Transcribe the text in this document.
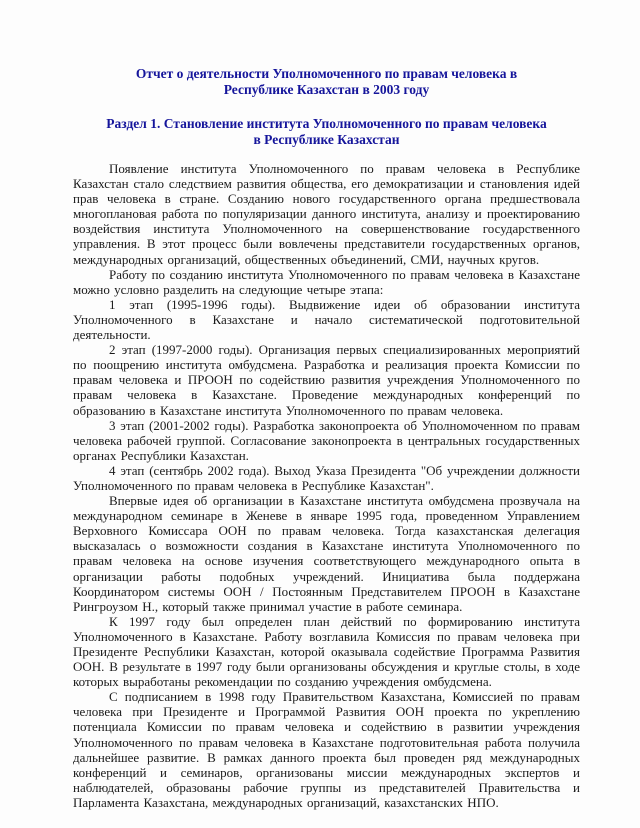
Отчет о деятельности Уполномоченного по правам человека в
Республике Казахстан в 2003 году
Раздел 1. Становление института Уполномоченного по правам человека
в Республике Казахстан

Появление института Уполномоченного по правам человека в Республике Казахстан стало следствием развития общества, его демократизации и становления идей прав человека в стране. Созданию нового государственного органа предшествовала многоплановая работа по популяризации данного института, анализу и проектированию воздействия института Уполномоченного на совершенствование государственного управления. В этот процесс были вовлечены представители государственных органов, международных организаций, общественных объединений, СМИ, научных кругов.

Работу по созданию института Уполномоченного по правам человека в Казахстане можно условно разделить на следующие четыре этапа:

1 этап (1995-1996 годы). Выдвижение идеи об образовании института Уполномоченного в Казахстане и начало систематической подготовительной деятельности.

2 этап (1997-2000 годы). Организация первых специализированных мероприятий по поощрению института омбудсмена. Разработка и реализация проекта Комиссии по правам человека и ПРООН по содействию развития учреждения Уполномоченного по правам человека в Казахстане. Проведение международных конференций по образованию в Казахстане института Уполномоченного по правам человека.

3 этап (2001-2002 годы). Разработка законопроекта об Уполномоченном по правам человека рабочей группой. Согласование законопроекта в центральных государственных органах Республики Казахстан.

4 этап (сентябрь 2002 года). Выход Указа Президента "Об учреждении должности Уполномоченного по правам человека в Республике Казахстан".

Впервые идея об организации в Казахстане института омбудсмена прозвучала на международном семинаре в Женеве в январе 1995 года, проведенном Управлением Верховного Комиссара ООН по правам человека. Тогда казахстанская делегация высказалась о возможности создания в Казахстане института Уполномоченного по правам человека на основе изучения соответствующего международного опыта в организации работы подобных учреждений. Инициатива была поддержана Координатором системы ООН / Постоянным Представителем ПРООН в Казахстане Рингроузом Н., который также принимал участие в работе семинара.

К 1997 году был определен план действий по формированию института Уполномоченного в Казахстане. Работу возглавила Комиссия по правам человека при Президенте Республики Казахстан, которой оказывала содействие Программа Развития ООН. В результате в 1997 году были организованы обсуждения и круглые столы, в ходе которых выработаны рекомендации по созданию учреждения омбудсмена.

С подписанием в 1998 году Правительством Казахстана, Комиссией по правам человека при Президенте и Программой Развития ООН проекта по укреплению потенциала Комиссии по правам человека и содействию в развитии учреждения Уполномоченного по правам человека в Казахстане подготовительная работа получила дальнейшее развитие. В рамках данного проекта был проведен ряд международных конференций и семинаров, организованы миссии международных экспертов и наблюдателей, образованы рабочие группы из представителей Правительства и Парламента Казахстана, международных организаций, казахстанских НПО.
